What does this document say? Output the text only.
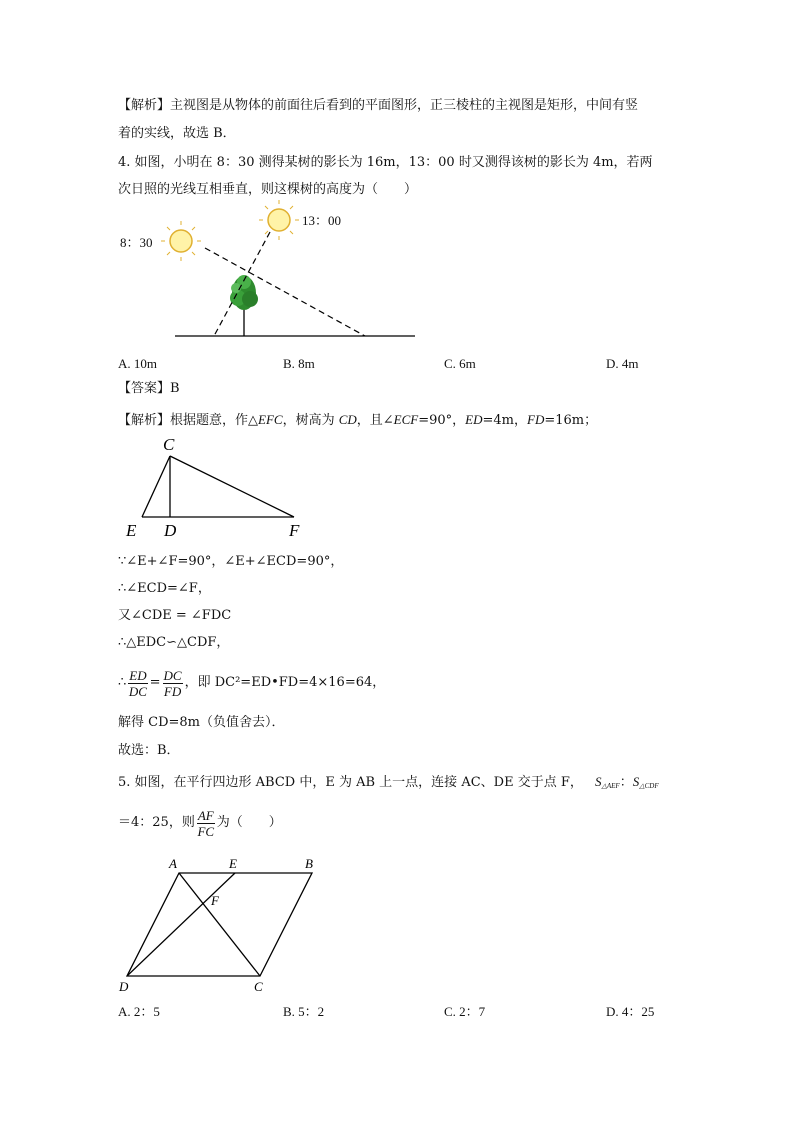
【解析】主视图是从物体的前面往后看到的平面图形，正三棱柱的主视图是矩形，中间有竖
着的实线，故选 B．
4. 如图，小明在 8：30 测得某树的影长为 16m，13：00 时又测得该树的影长为 4m，若两
次日照的光线互相垂直，则这棵树的高度为（　　）
8：30
13：00
A. 10m	B. 8m	C. 6m	D. 4m
【答案】B
【解析】根据题意，作△EFC，树高为 CD，且∠ECF=90°，ED=4m，FD=16m；
C
E D	F
∵∠E+∠F=90°，∠E+∠ECD=90°，
∴∠ECD=∠F，
又∠CDE = ∠FDC
∴△EDC∽△CDF，
∴ $\frac{ED}{DC} = \frac{DC}{FD}$ ，即 DC²=ED•FD=4×16=64，
解得 CD=8m（负值舍去）．
故选：B．
5. 如图，在平行四边形 ABCD 中，E 为 AB 上一点，连接 AC、DE 交于点 F， $S_{\triangle AEF}$：$S_{\triangle CDF}$
＝4：25，则 $\frac{AF}{FC}$ 为（　　）
A	E	B
F
D	C
A. 2：5	B. 5：2	C. 2：7	D. 4：25
